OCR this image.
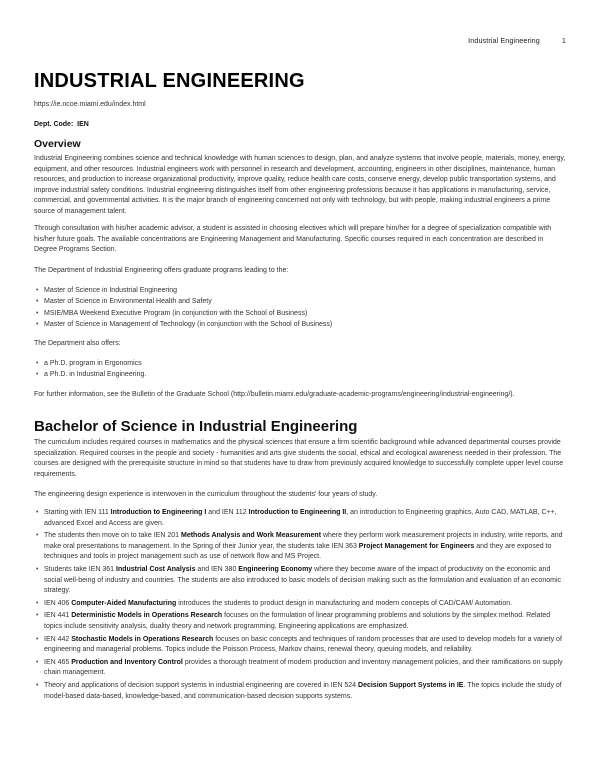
Industrial Engineering	1
INDUSTRIAL ENGINEERING
https://ie.ncoe.miami.edu/index.html
Dept. Code: IEN
Overview

Industrial Engineering combines science and technical knowledge with human sciences to design, plan, and analyze systems that involve people, materials, money, energy, equipment, and other resources. Industrial engineers work with personnel in research and development, accounting, engineers in other disciplines, maintenance, human resources, and production to increase organizational productivity, improve quality, reduce health care costs, conserve energy, develop public transportation systems, and improve industrial safety conditions. Industrial engineering distinguishes itself from other engineering professions because it has applications in manufacturing, service, commercial, and governmental activities. It is the major branch of engineering concerned not only with technology, but with people, making industrial engineers a prime source of management talent.

Through consultation with his/her academic advisor, a student is assisted in choosing electives which will prepare him/her for a degree of specialization compatible with his/her future goals. The available concentrations are Engineering Management and Manufacturing. Specific courses required in each concentration are described in Degree Programs Section.

The Department of Industrial Engineering offers graduate programs leading to the:

• Master of Science in Industrial Engineering
• Master of Science in Environmental Health and Safety
• MSIE/MBA Weekend Executive Program (in conjunction with the School of Business)
• Master of Science in Management of Technology (in conjunction with the School of Business)

The Department also offers:

• a Ph.D. program in Ergonomics
• a Ph.D. in Industrial Engineering.

For further information, see the Bulletin of the Graduate School (http://bulletin.miami.edu/graduate-academic-programs/engineering/industrial-engineering/).

Bachelor of Science in Industrial Engineering

The curriculum includes required courses in mathematics and the physical sciences that ensure a firm scientific background while advanced departmental courses provide specialization. Required courses in the people and society - humanities and arts give students the social, ethical and ecological awareness needed in their profession. The courses are designed with the prerequisite structure in mind so that students have to draw from previously acquired knowledge to successfully complete upper level course requirements.

The engineering design experience is interwoven in the curriculum throughout the students' four years of study.

• Starting with IEN 111 Introduction to Engineering I and IEN 112 Introduction to Engineering II, an introduction to Engineering graphics, Auto CAD, MATLAB, C++, advanced Excel and Access are given.
• The students then move on to take IEN 201 Methods Analysis and Work Measurement where they perform work measurement projects in industry, write reports, and make oral presentations to management. In the Spring of their Junior year, the students take IEN 363 Project Management for Engineers and they are exposed to techniques and tools in project management such as use of network flow and MS Project.
• Students take IEN 361 Industrial Cost Analysis and IEN 380 Engineering Economy where they become aware of the impact of productivity on the economic and social well-being of industry and countries. The students are also introduced to basic models of decision making such as the formulation and evaluation of an economic strategy.
• IEN 406 Computer-Aided Manufacturing introduces the students to product design in manufacturing and modern concepts of CAD/CAM/ Automation.
• IEN 441 Deterministic Models in Operations Research focuses on the formulation of linear programming problems and solutions by the simplex method. Related topics include sensitivity analysis, duality theory and network programming. Engineering applications are emphasized.
• IEN 442 Stochastic Models in Operations Research focuses on basic concepts and techniques of random processes that are used to develop models for a variety of engineering and managerial problems. Topics include the Poisson Process, Markov chains, renewal theory, queuing models, and reliability.
• IEN 465 Production and Inventory Control provides a thorough treatment of modern production and inventory management policies, and their ramifications on supply chain management.
• Theory and applications of decision support systems in industrial engineering are covered in IEN 524 Decision Support Systems in IE. The topics include the study of model-based data-based, knowledge-based, and communication-based decision supports systems.
